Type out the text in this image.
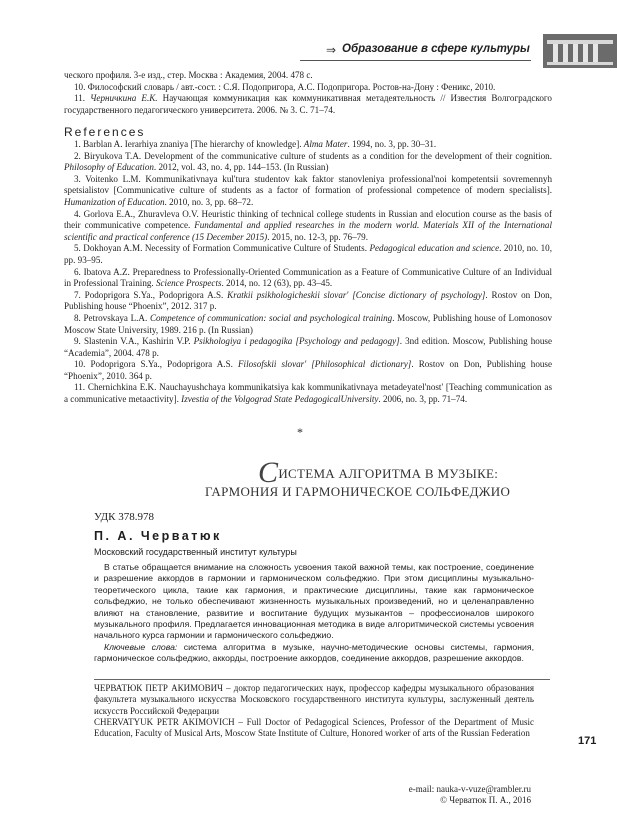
⇒ Образование в сфере культуры

ческого профиля. 3-е изд., стер. Москва : Академия, 2004. 478 с.

10. Философский словарь / авт.-сост. : С.Я. Подопригора, А.С. Подопригора. Ростов-на-Дону : Феникс, 2010.

11. Черничкина Е.К. Научающая коммуникация как коммуникативная метадеятельность // Известия Волгоградского государственного педагогического университета. 2006. № 3. С. 71–74.

References

1. Barblan A. Ierarhiya znaniya [The hierarchy of knowledge]. Alma Mater. 1994, no. 3, pp. 30–31.

2. Biryukova T.A. Development of the communicative culture of students as a condition for the development of their cognition. Philosophy of Education. 2012, vol. 43, no. 4, pp. 144–153. (In Russian)

3. Voitenko L.M. Kommunikativnaya kul'tura studentov kak faktor stanovleniya professional'noi kompetentsii sovremennyh spetsialistov [Communicative culture of students as a factor of formation of professional competence of modern specialists]. Humanization of Education. 2010, no. 3, pp. 68–72.

4. Gorlova E.A., Zhuravleva O.V. Heuristic thinking of technical college students in Russian and elocution course as the basis of their communicative competence. Fundamental and applied researches in the modern world. Materials XII of the International scientific and practical conference (15 December 2015). 2015, no. 12-3, pp. 76–79.

5. Dokhoyan A.M. Necessity of Formation Communicative Culture of Students. Pedagogical education and science. 2010, no. 10, pp. 93–95.

6. Ibatova A.Z. Preparedness to Professionally-Oriented Communication as a Feature of Communicative Culture of an Individual in Professional Training. Science Prospects. 2014, no. 12 (63), pp. 43–45.

7. Podoprigora S.Ya., Podoprigora A.S. Kratkii psikhologicheskii slovar' [Concise dictionary of psychology]. Rostov on Don, Publishing house “Phoenix”, 2012. 317 p.

8. Petrovskaya L.A. Competence of communication: social and psychological training. Moscow, Publishing house of Lomonosov Moscow State University, 1989. 216 p. (In Russian)

9. Slastenin V.A., Kashirin V.P. Psikhologiya i pedagogika [Psychology and pedagogy]. 3nd edition. Moscow, Publishing house “Academia”, 2004. 478 p.

10. Podoprigora S.Ya., Podoprigora A.S. Filosofskii slovar' [Philosophical dictionary]. Rostov on Don, Publishing house “Phoenix”, 2010. 364 p.

11. Chernichkina E.K. Nauchayushchaya kommunikatsiya kak kommunikativnaya metadeyatel'nost' [Teaching communication as a communicative metaactivity]. Izvestia of the Volgograd State PedagogicalUniversity. 2006, no. 3, pp. 71–74.

*
СИСТЕМА АЛГОРИТМА В МУЗЫКЕ:
ГАРМОНИЯ И ГАРМОНИЧЕСКОЕ СОЛЬФЕДЖИО
УДК 378.978
П. А. Черватюк
Московский государственный институт культуры

В статье обращается внимание на сложность усвоения такой важной темы, как построение, соединение и разрешение аккордов в гармонии и гармоническом сольфеджио. При этом дисциплины музыкально-теоретического цикла, такие как гармония, и практические дисциплины, такие как гармоническое сольфеджио, не только обеспечивают жизненность музыкальных произведений, но и целенаправленно влияют на становление, развитие и воспитание будущих музыкантов – профессионалов широкого музыкального профиля. Предлагается инновационная методика в виде алгоритмической системы усвоения начального курса гармонии и гармонического сольфеджио.

Ключевые слова: система алгоритма в музыке, научно-методические основы системы, гармония, гармоническое сольфеджио, аккорды, построение аккордов, соединение аккордов, разрешение аккордов.

ЧЕРВАТЮК ПЕТР АКИМОВИЧ – доктор педагогических наук, профессор кафедры музыкального образования факультета музыкального искусства Московского государственного института культуры, заслуженный деятель искусств Российской Федерации

CHERVATYUK PETR AKIMOVICH – Full Doctor of Pedagogical Sciences, Professor of the Department of Music Education, Faculty of Musical Arts, Moscow State Institute of Culture, Honored worker of arts of the Russian Federation

e-mail: nauka-v-vuze@rambler.ru
© Черватюк П. А., 2016
171
